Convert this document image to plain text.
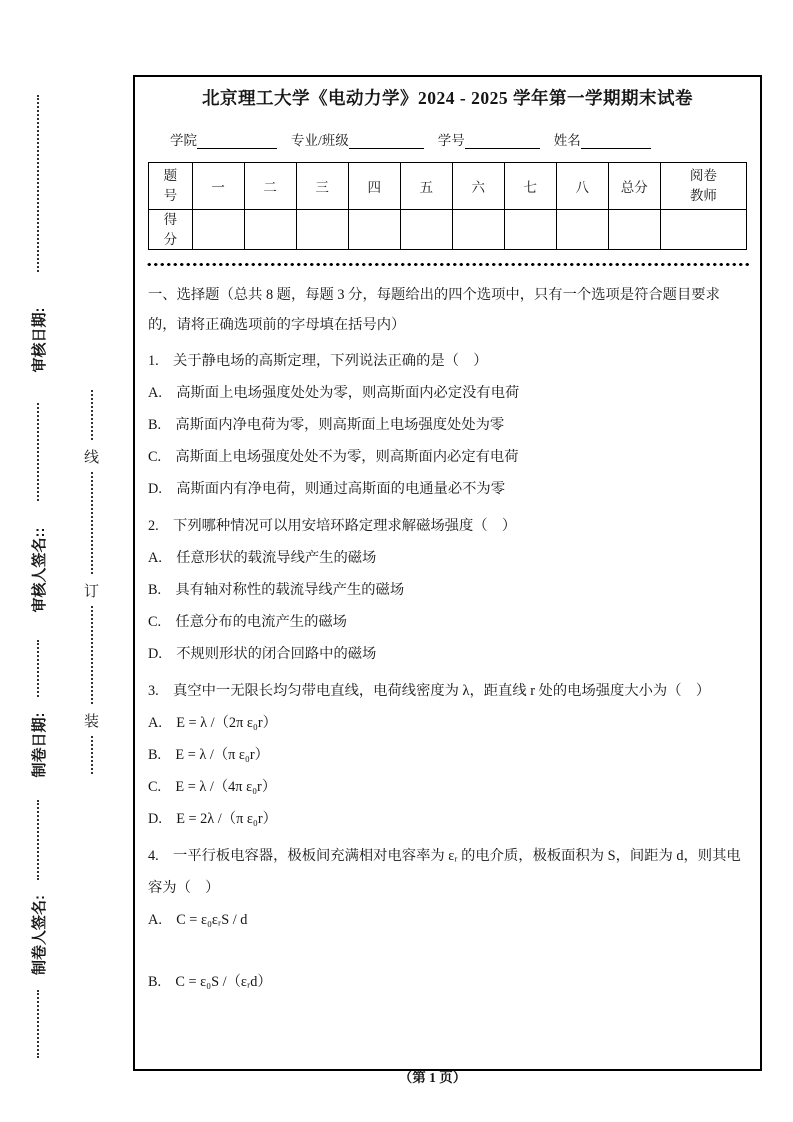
审核日期:
审核人签名::
制卷日期:
制卷人签名:
线
订
装
北京理工大学《电动力学》2024 - 2025 学年第一学期期末试卷
学院	专业/班级	学号	姓名
题号	一	二	三	四	五	六	七	八	总分	阅卷教师

得分										

一、选择题（总共 8 题，每题 3 分，每题给出的四个选项中，只有一个选项是符合题目要求的，请将正确选项前的字母填在括号内）

1.　关于静电场的高斯定理，下列说法正确的是（　）

A.　高斯面上电场强度处处为零，则高斯面内必定没有电荷

B.　高斯面内净电荷为零，则高斯面上电场强度处处为零

C.　高斯面上电场强度处处不为零，则高斯面内必定有电荷

D.　高斯面内有净电荷，则通过高斯面的电通量必不为零

2.　下列哪种情况可以用安培环路定理求解磁场强度（　）

A.　任意形状的载流导线产生的磁场

B.　具有轴对称性的载流导线产生的磁场

C.　任意分布的电流产生的磁场

D.　不规则形状的闭合回路中的磁场

3.　真空中一无限长均匀带电直线，电荷线密度为 λ，距直线 r 处的电场强度大小为（　）

A.　E = λ /（2π ε₀r）

B.　E = λ /（π ε₀r）

C.　E = λ /（4π ε₀r）

D.　E = 2λ /（π ε₀r）

4.　一平行板电容器，极板间充满相对电容率为 εᵣ 的电介质，极板面积为 S，间距为 d，则其电容为（　）

A.　C = ε₀εᵣS / d

B.　C = ε₀S /（εᵣd）

（第 1 页）
